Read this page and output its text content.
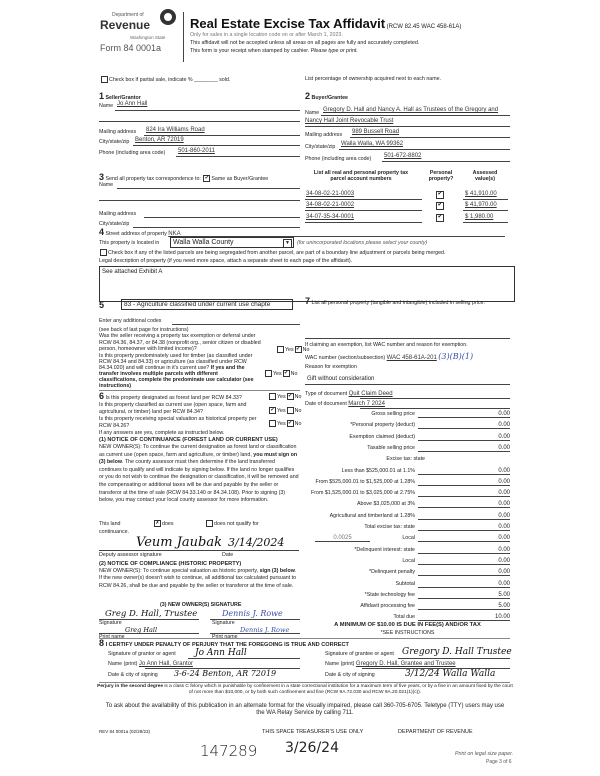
Department of
Revenue
Washington State
Form 84 0001a
Real Estate Excise Tax Affidavit (RCW 82.45 WAC 458-61A)
Only for sales in a single location code on or after March 1, 2023.
This affidavit will not be accepted unless all areas on all pages are fully and accurately completed.
This form is your receipt when stamped by cashier. Please type or print.
Check box if partial sale, indicate % ________ sold.	List percentage of ownership acquired next to each name.
1 Seller/Grantor
Name Jo Ann Hall
Mailing address 824 Ira Williams Road
City/state/zip Benton, AR 72019
Phone (including area code) 501-860-2011
2 Buyer/Grantee
Name Gregory D. Hall and Nancy A. Hall as Trustees of the Gregory and
Nancy Hall Joint Revocable Trust
Mailing address 989 Bussell Road
City/state/zip Walla Walla, WA 99362
Phone (including area code) 501-672-8802
3 Send all property tax correspondence to: ✔ Same as Buyer/Grantee
Name
Mailing address
City/state/zip
List all real and personal property tax
parcel account numbers
Personal
property?
Assessed
value(s)
34-08-02-21-0003	✔	$ 41,910.00
34-08-02-21-0002	✔	$ 41,970.00
34-07-35-34-0001	✔	$ 1,980.00
4 Street address of property NKA
This property is located in	Walla Walla County	▼	(for unincorporated locations please select your county)
Check box if any of the listed parcels are being segregated from another parcel, are part of a boundary line adjustment or parcels being merged.
Legal description of property (if you need more space, attach a separate sheet to each page of the affidavit).
See attached Exhibit A
5	83 - Agriculture classified under current use chapte
Enter any additional codes
(see back of last page for instructions)
Was the seller receiving a property tax exemption or deferral under RCW 84.36, 84.37, or 84.38 (nonprofit org., senior citizen or disabled person, homeowner with limited income)?	Yes ✔ No
Is this property predominately used for timber (as classified under RCW 84.34 and 84.33) or agriculture (as classified under RCW 84.34.020) and will continue in it's current use? If yes and the transfer involves multiple parcels with different classifications, complete the predominate use calculator (see instructions)
Yes ✔ No
6 Is this property designated as forest land per RCW 84.33?	Yes ✔ No
Is this property classified as current use (open space, farm and agricultural, or timber) land per RCW 84.34?	✔ Yes No
Is this property receiving special valuation as historical property per RCW 84.26?	Yes ✔ No
If any answers are yes, complete as instructed below.
(1) NOTICE OF CONTINUANCE (FOREST LAND OR CURRENT USE)
NEW OWNER(S): To continue the current designation as forest land or classification as current use (open space, farm and agriculture, or timber) land, you must sign on (3) below. The county assessor must then determine if the land transferred continues to qualify and will indicate by signing below. If the land no longer qualifies or you do not wish to continue the designation or classification, it will be removed and the compensating or additional taxes will be due and payable by the seller or transferor at the time of sale (RCW 84.33.140 or 84.34.108). Prior to signing (3) below, you may contact your local county assessor for more information.
This land	✗ does	does not qualify for
continuance.
Veum Jaubak 3/14/2024
Deputy assessor signature	Date
(2) NOTICE OF COMPLIANCE (HISTORIC PROPERTY)
NEW OWNER(S): To continue special valuation as historic property, sign (3) below. If the new owner(s) doesn't wish to continue, all additional tax calculated pursuant to RCW 84.26, shall be due and payable by the seller or transferor at the time of sale.
(3) NEW OWNER(S) SIGNATURE
Greg D. Hall, Trustee	Dennis J. Rowe
Signature	Signature
Greg Hall	Dennis J. Rowe
Print name	Print name
7 List all personal property (tangible and intangible) included in selling price.
If claiming an exemption, list WAC number and reason for exemption.
WAC number (section/subsection) WAC 458-61A-201 (3)(B)(1)
Reason for exemption
Gift without consideration
Type of document Quit Claim Deed
Date of document March 7 2024
Gross selling price	0.00
*Personal property (deduct)	0.00
Exemption claimed (deduct)	0.00
Taxable selling price	0.00
Excise tax: state
Less than $525,000.01 at 1.1%	0.00
From $525,000.01 to $1,525,000 at 1.28%	0.00
From $1,525,000.01 to $3,025,000 at 2.75%	0.00
Above $3,025,000 at 3%	0.00
Agricultural and timberland at 1.28%	0.00
Total excise tax: state	0.00
Local	0.00
0.0025
*Delinquent interest: state	0.00
Local	0.00
*Delinquent penalty	0.00
Subtotal	0.00
*State technology fee	5.00
Affidavit processing fee	5.00
Total due	10.00
A MINIMUM OF $10.00 IS DUE IN FEE(S) AND/OR TAX
*SEE INSTRUCTIONS
8 I CERTIFY UNDER PENALTY OF PERJURY THAT THE FOREGOING IS TRUE AND CORRECT
Signature of grantor or agent Jo Ann Hall
Name (print) Jo Ann Hall, Grantor
Date & city of signing 3-6-24 Benton, AR 72019
Signature of grantee or agent Gregory D. Hall Trustee
Name (print) Gregory D. Hall, Grantee and Trustee
Date & city of signing	3/12/24 Walla Walla
Perjury in the second degree is a class C felony which is punishable by confinement in a state correctional institution for a maximum term of five years, or by a fine in an amount fixed by the court of not more than $10,000, or by both such confinement and fine (RCW 9A.72.030 and RCW 9A.20.021(1)(c)).
To ask about the availability of this publication in an alternate format for the visually impaired, please call 360-705-6705. Teletype (TTY) users may use the WA Relay Service by calling 711.
REV 84 0001a (02/28/23)	THIS SPACE TREASURER'S USE ONLY	DEPARTMENT OF REVENUE
147289 3/26/24	Print on legal size paper.
Page 3 of 6
